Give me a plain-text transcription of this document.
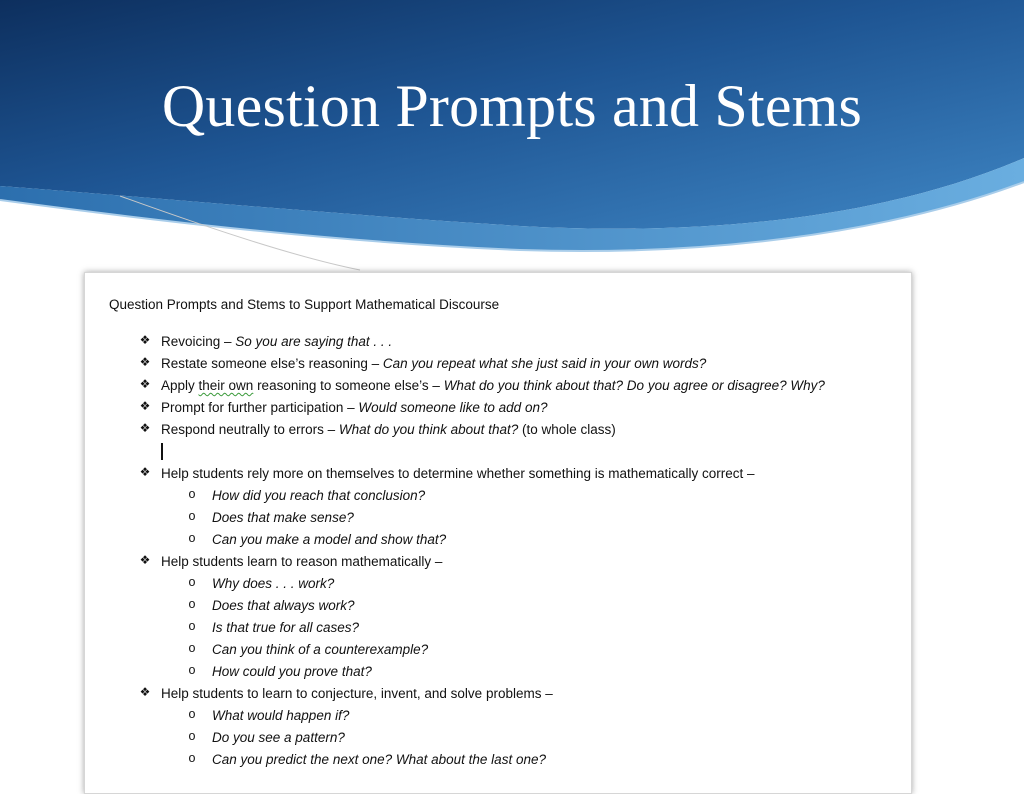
Question Prompts and Stems
Question Prompts and Stems to Support Mathematical Discourse
❖ Revoicing – So you are saying that . . .
❖ Restate someone else’s reasoning – Can you repeat what she just said in your own words?
❖ Apply their own reasoning to someone else’s – What do you think about that? Do you agree or disagree? Why?
❖ Prompt for further participation – Would someone like to add on?
❖ Respond neutrally to errors – What do you think about that? (to whole class)
❖ Help students rely more on themselves to determine whether something is mathematically correct –
o How did you reach that conclusion?
o Does that make sense?
o Can you make a model and show that?
❖ Help students learn to reason mathematically –
o Why does . . . work?
o Does that always work?
o Is that true for all cases?
o Can you think of a counterexample?
o How could you prove that?
❖ Help students to learn to conjecture, invent, and solve problems –
o What would happen if?
o Do you see a pattern?
o Can you predict the next one? What about the last one?
